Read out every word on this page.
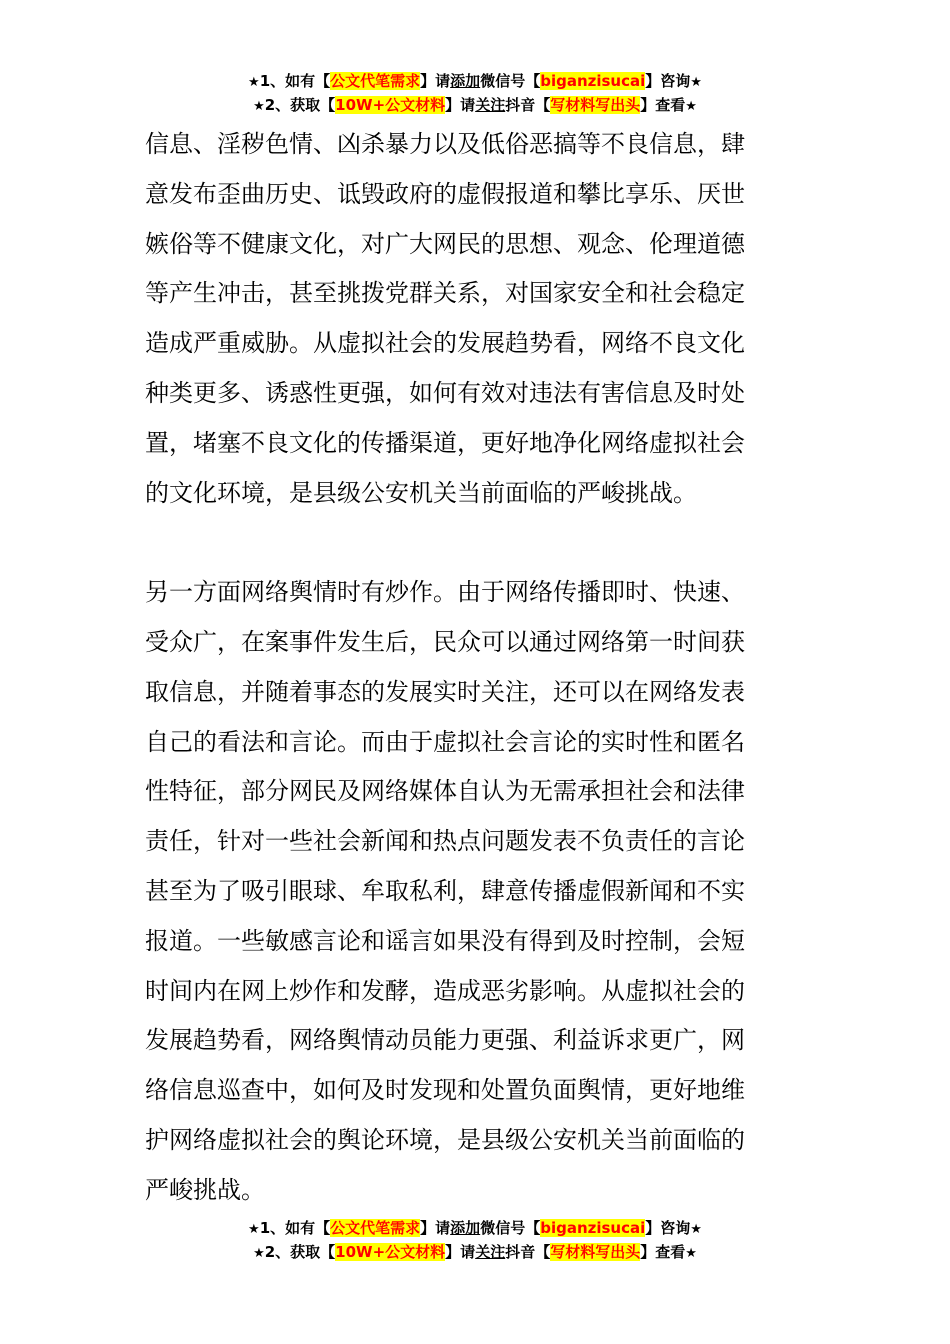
★1、如有【公文代笔需求】请添加微信号【biganzisucai】咨询★
★2、获取【10W+公文材料】请关注抖音【写材料写出头】查看★

信息、淫秽色情、凶杀暴力以及低俗恶搞等不良信息，肆

意发布歪曲历史、诋毁政府的虚假报道和攀比享乐、厌世

嫉俗等不健康文化，对广大网民的思想、观念、伦理道德

等产生冲击，甚至挑拨党群关系，对国家安全和社会稳定

造成严重威胁。从虚拟社会的发展趋势看，网络不良文化

种类更多、诱惑性更强，如何有效对违法有害信息及时处

置，堵塞不良文化的传播渠道，更好地净化网络虚拟社会

的文化环境，是县级公安机关当前面临的严峻挑战。

另一方面网络舆情时有炒作。由于网络传播即时、快速、

受众广，在案事件发生后，民众可以通过网络第一时间获

取信息，并随着事态的发展实时关注，还可以在网络发表

自己的看法和言论。而由于虚拟社会言论的实时性和匿名

性特征，部分网民及网络媒体自认为无需承担社会和法律

责任，针对一些社会新闻和热点问题发表不负责任的言论

甚至为了吸引眼球、牟取私利，肆意传播虚假新闻和不实

报道。一些敏感言论和谣言如果没有得到及时控制，会短

时间内在网上炒作和发酵，造成恶劣影响。从虚拟社会的

发展趋势看，网络舆情动员能力更强、利益诉求更广，网

络信息巡查中，如何及时发现和处置负面舆情，更好地维

护网络虚拟社会的舆论环境，是县级公安机关当前面临的

严峻挑战。

★1、如有【公文代笔需求】请添加微信号【biganzisucai】咨询★
★2、获取【10W+公文材料】请关注抖音【写材料写出头】查看★
